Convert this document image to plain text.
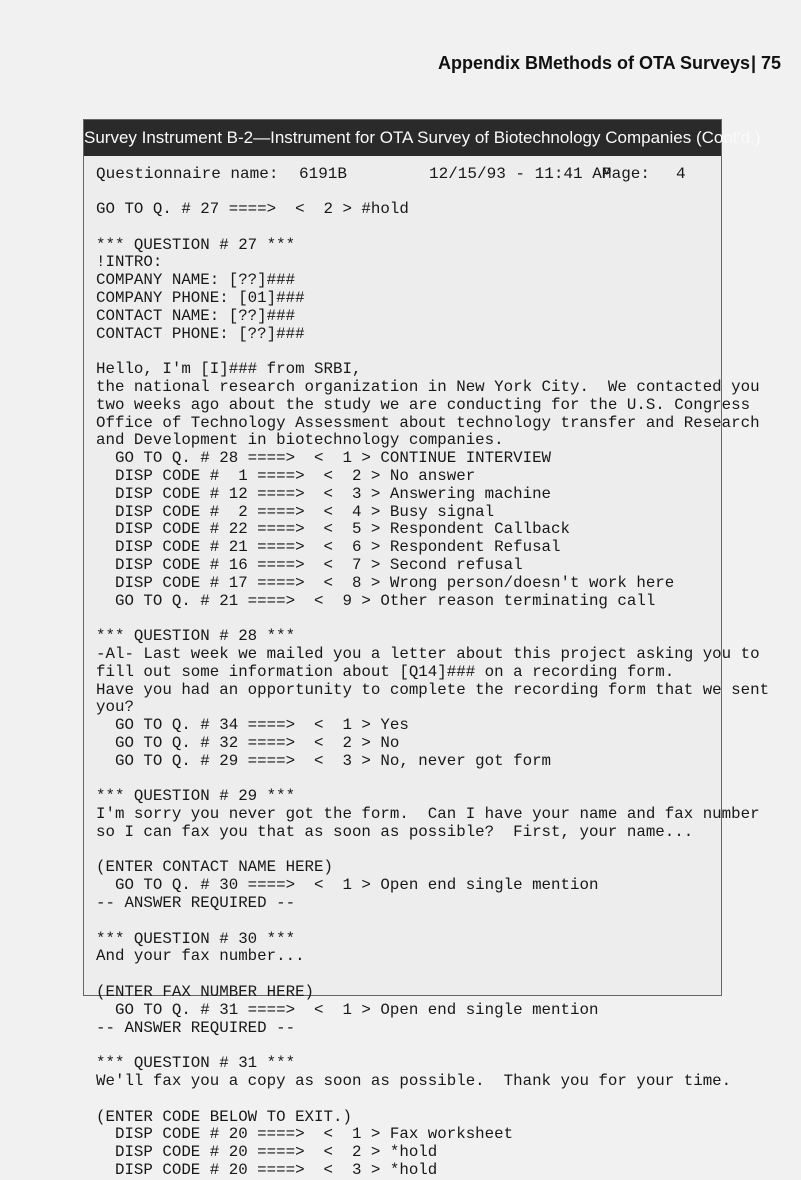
Appendix B Methods of OTA Surveys | 75
Survey Instrument B-2—Instrument for OTA Survey of Biotechnology Companies (Cont'd.)
Questionnaire name: 6191B	12/15/93 - 11:41 AM
Page: 4
GO TO Q. # 27 ====>  <  2 > #hold
*** QUESTION # 27 ***
!INTRO:
COMPANY NAME: [??]###
COMPANY PHONE: [01]###
CONTACT NAME: [??]###
CONTACT PHONE: [??]###
Hello, I'm [I]### from SRBI,
the national research organization in New York City.  We contacted you
two weeks ago about the study we are conducting for the U.S. Congress
Office of Technology Assessment about technology transfer and Research
and Development in biotechnology companies.
GO TO Q. # 28 ====>  <  1 > CONTINUE INTERVIEW
DISP CODE #  1 ====>  <  2 > No answer
DISP CODE # 12 ====>  <  3 > Answering machine
DISP CODE #  2 ====>  <  4 > Busy signal
DISP CODE # 22 ====>  <  5 > Respondent Callback
DISP CODE # 21 ====>  <  6 > Respondent Refusal
DISP CODE # 16 ====>  <  7 > Second refusal
DISP CODE # 17 ====>  <  8 > Wrong person/doesn't work here
GO TO Q. # 21 ====>  <  9 > Other reason terminating call
*** QUESTION # 28 ***
-Al- Last week we mailed you a letter about this project asking you to
fill out some information about [Q14]### on a recording form.
Have you had an opportunity to complete the recording form that we sent
you?
GO TO Q. # 34 ====>  <  1 > Yes
GO TO Q. # 32 ====>  <  2 > No
GO TO Q. # 29 ====>  <  3 > No, never got form
*** QUESTION # 29 ***
I'm sorry you never got the form.  Can I have your name and fax number
so I can fax you that as soon as possible?  First, your name...
(ENTER CONTACT NAME HERE)
GO TO Q. # 30 ====>  <  1 > Open end single mention
-- ANSWER REQUIRED --
*** QUESTION # 30 ***
And your fax number...
(ENTER FAX NUMBER HERE)
GO TO Q. # 31 ====>  <  1 > Open end single mention
-- ANSWER REQUIRED --
*** QUESTION # 31 ***
We'll fax you a copy as soon as possible.  Thank you for your time.
(ENTER CODE BELOW TO EXIT.)
DISP CODE # 20 ====>  <  1 > Fax worksheet
DISP CODE # 20 ====>  <  2 > *hold
DISP CODE # 20 ====>  <  3 > *hold
